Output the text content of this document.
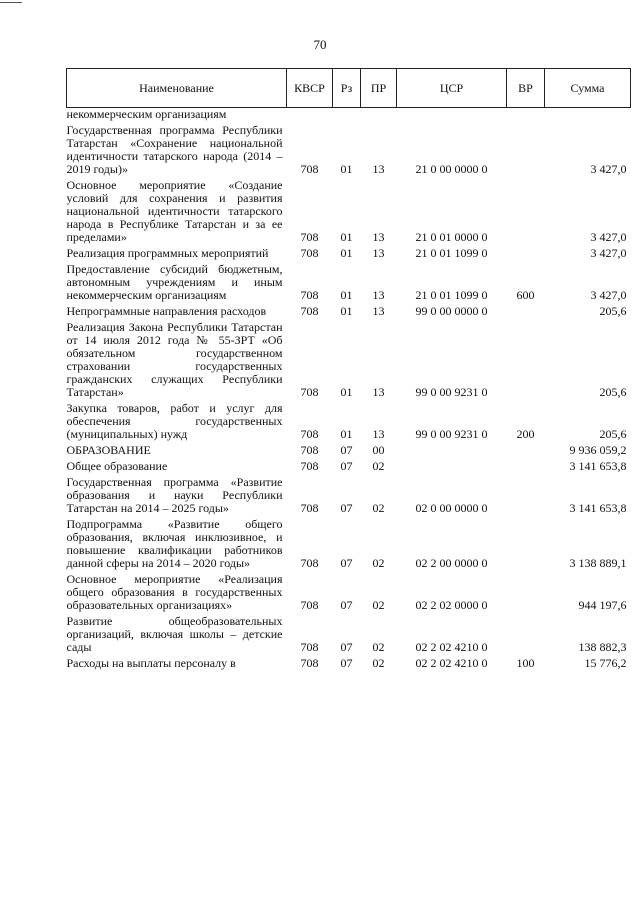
70
Наименование	КВСР	Рз	ПР	ЦСР	ВР	Сумма
некоммерческим организациям						
Государственная программа Республики Татарстан «Сохранение национальной идентичности татарского народа (2014 – 2019 годы)»	708	01	13	21 0 00 0000 0		3 427,0
Основное мероприятие «Создание условий для сохранения и развития национальной идентичности татарского народа в Республике Татарстан и за ее пределами»	708	01	13	21 0 01 0000 0		3 427,0
Реализация программных мероприятий	708	01	13	21 0 01 1099 0		3 427,0
Предоставление субсидий бюджетным, автономным учреждениям и иным некоммерческим организациям	708	01	13	21 0 01 1099 0	600	3 427,0
Непрограммные направления расходов	708	01	13	99 0 00 0000 0		205,6
Реализация Закона Республики Татарстан от 14 июля 2012 года № 55-ЗРТ «Об обязательном государственном страховании государственных гражданских служащих Республики Татарстан»	708	01	13	99 0 00 9231 0		205,6
Закупка товаров, работ и услуг для обеспечения государственных (муниципальных) нужд	708	01	13	99 0 00 9231 0	200	205,6
ОБРАЗОВАНИЕ	708	07	00			9 936 059,2
Общее образование	708	07	02			3 141 653,8
Государственная программа «Развитие образования и науки Республики Татарстан на 2014 – 2025 годы»	708	07	02	02 0 00 0000 0		3 141 653,8
Подпрограмма «Развитие общего образования, включая инклюзивное, и повышение квалификации работников данной сферы на 2014 – 2020 годы»	708	07	02	02 2 00 0000 0		3 138 889,1
Основное мероприятие «Реализация общего образования в государственных образовательных организациях»	708	07	02	02 2 02 0000 0		944 197,6
Развитие общеобразовательных организаций, включая школы – детские сады	708	07	02	02 2 02 4210 0		138 882,3
Расходы на выплаты персоналу в	708	07	02	02 2 02 4210 0	100	15 776,2
